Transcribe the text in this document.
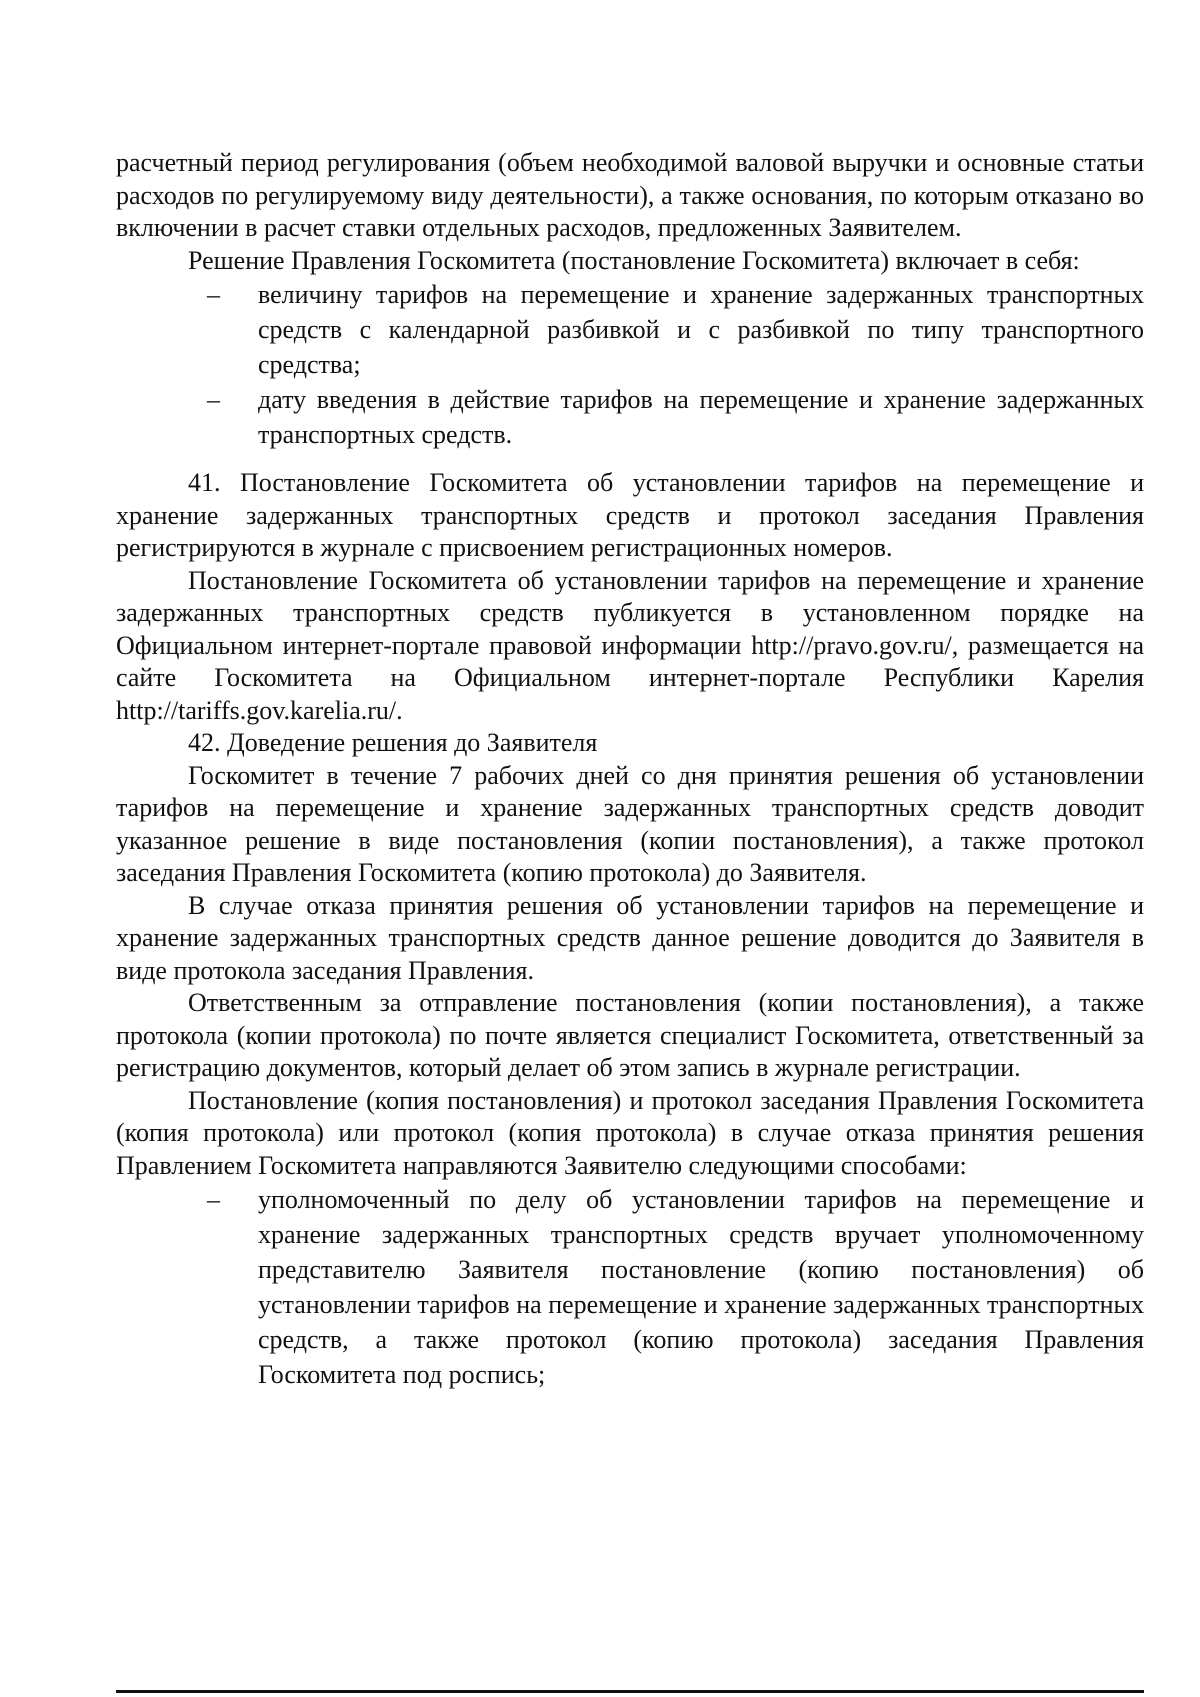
расчетный период регулирования (объем необходимой валовой выручки и основные статьи расходов по регулируемому виду деятельности), а также основания, по которым отказано во включении в расчет ставки отдельных расходов, предложенных Заявителем.

Решение Правления Госкомитета (постановление Госкомитета) включает в себя:

– величину тарифов на перемещение и хранение задержанных транспортных средств с календарной разбивкой и с разбивкой по типу транспортного средства;
– дату введения в действие тарифов на перемещение и хранение задержанных транспортных средств.

41. Постановление Госкомитета об установлении тарифов на перемещение и хранение задержанных транспортных средств и протокол заседания Правления регистрируются в журнале с присвоением регистрационных номеров.

Постановление Госкомитета об установлении тарифов на перемещение и хранение задержанных транспортных средств публикуется в установленном порядке на Официальном интернет-портале правовой информации http://pravo.gov.ru/, размещается на сайте Госкомитета на Официальном интернет-портале Республики Карелия http://tariffs.gov.karelia.ru/.

42. Доведение решения до Заявителя

Госкомитет в течение 7 рабочих дней со дня принятия решения об установлении тарифов на перемещение и хранение задержанных транспортных средств доводит указанное решение в виде постановления (копии постановления), а также протокол заседания Правления Госкомитета (копию протокола) до Заявителя.

В случае отказа принятия решения об установлении тарифов на перемещение и хранение задержанных транспортных средств данное решение доводится до Заявителя в виде протокола заседания Правления.

Ответственным за отправление постановления (копии постановления), а также протокола (копии протокола) по почте является специалист Госкомитета, ответственный за регистрацию документов, который делает об этом запись в журнале регистрации.

Постановление (копия постановления) и протокол заседания Правления Госкомитета (копия протокола) или протокол (копия протокола) в случае отказа принятия решения Правлением Госкомитета направляются Заявителю следующими способами:

– уполномоченный по делу об установлении тарифов на перемещение и хранение задержанных транспортных средств вручает уполномоченному представителю Заявителя постановление (копию постановления) об установлении тарифов на перемещение и хранение задержанных транспортных средств, а также протокол (копию протокола) заседания Правления Госкомитета под роспись;
